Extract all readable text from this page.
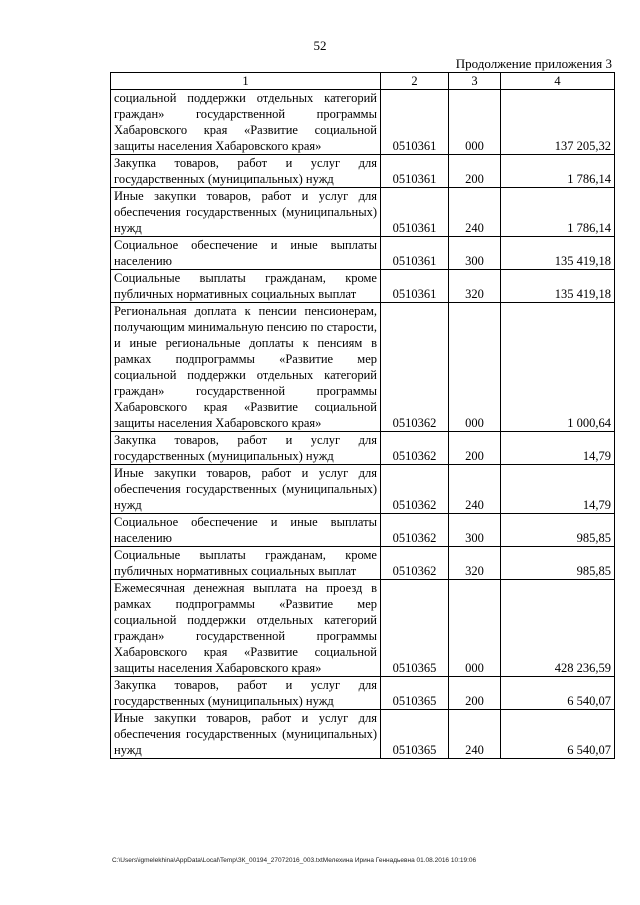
52
Продолжение приложения 3
1	2	3	4
социальной поддержки отдельных категорий граждан» государственной программы Хабаровского края «Развитие социальной защиты населения Хабаровского края»	0510361	000	137 205,32
Закупка товаров, работ и услуг для государственных (муниципальных) нужд	0510361	200	1 786,14
Иные закупки товаров, работ и услуг для обеспечения государственных (муниципальных) нужд	0510361	240	1 786,14
Социальное обеспечение и иные выплаты населению	0510361	300	135 419,18
Социальные выплаты гражданам, кроме публичных нормативных социальных выплат	0510361	320	135 419,18
Региональная доплата к пенсии пенсионерам, получающим минимальную пенсию по старости, и иные региональные доплаты к пенсиям в рамках подпрограммы «Развитие мер социальной поддержки отдельных категорий граждан» государственной программы Хабаровского края «Развитие социальной защиты населения Хабаровского края»	0510362	000	1 000,64
Закупка товаров, работ и услуг для государственных (муниципальных) нужд	0510362	200	14,79
Иные закупки товаров, работ и услуг для обеспечения государственных (муниципальных) нужд	0510362	240	14,79
Социальное обеспечение и иные выплаты населению	0510362	300	985,85
Социальные выплаты гражданам, кроме публичных нормативных социальных выплат	0510362	320	985,85
Ежемесячная денежная выплата на проезд в рамках подпрограммы «Развитие мер социальной поддержки отдельных категорий граждан» государственной программы Хабаровского края «Развитие социальной защиты населения Хабаровского края»	0510365	000	428 236,59
Закупка товаров, работ и услуг для государственных (муниципальных) нужд	0510365	200	6 540,07
Иные закупки товаров, работ и услуг для обеспечения государственных (муниципальных) нужд	0510365	240	6 540,07
C:\Users\igmelekhina\AppData\Local\Temp\ЗК_00194_27072016_003.txtМелехина Ирина Геннадьевна 01.08.2016 10:19:06
